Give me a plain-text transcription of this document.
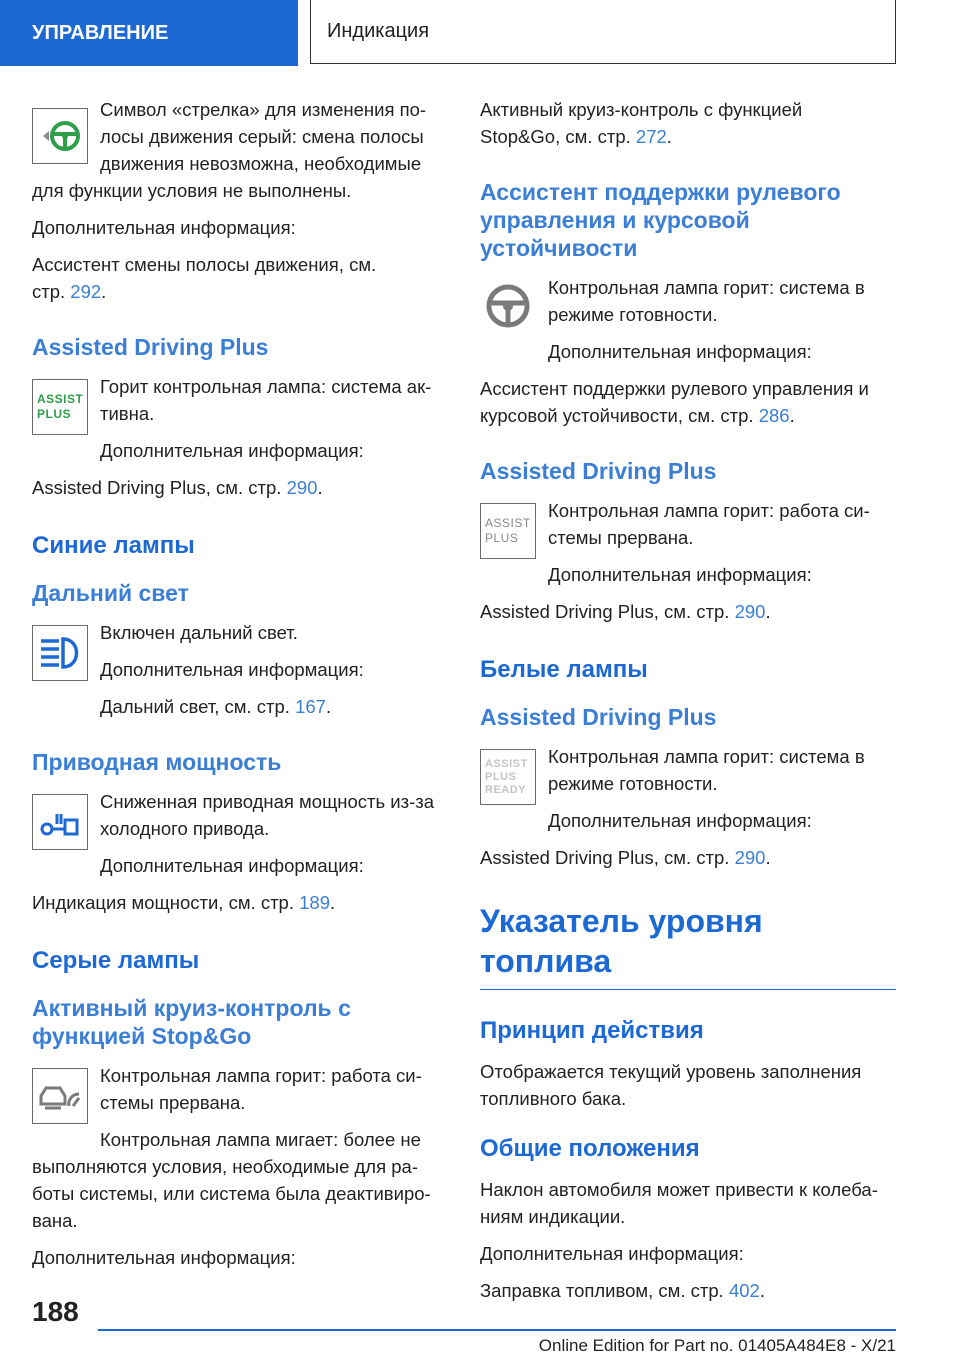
УПРАВЛЕНИЕ	Индикация

Символ «стрелка» для изменения по-
лосы движения серый: смена полосы
движения невозможна, необходимые

для функции условия не выполнены.

Дополнительная информация:

Ассистент смены полосы движения, см.
стр. 292.

Assisted Driving Plus
ASSIST
PLUS

Горит контрольная лампа: система ак-
тивна.

Дополнительная информация:

Assisted Driving Plus, см. стр. 290.

Синие лампы
Дальний свет

Включен дальний свет.

Дополнительная информация:

Дальний свет, см. стр. 167.

Приводная мощность

Сниженная приводная мощность из-за
холодного привода.

Дополнительная информация:

Индикация мощности, см. стр. 189.

Серые лампы
Активный круиз-контроль с
функцией Stop&Go

Контрольная лампа горит: работа си-
стемы прервана.

Контрольная лампа мигает: более не

выполняются условия, необходимые для ра-
боты системы, или система была деактивиро-
вана.

Дополнительная информация:

Активный круиз-контроль с функцией
Stop&Go, см. стр. 272.

Ассистент поддержки рулевого
управления и курсовой
устойчивости

Контрольная лампа горит: система в
режиме готовности.

Дополнительная информация:

Ассистент поддержки рулевого управления и
курсовой устойчивости, см. стр. 286.

Assisted Driving Plus
ASSIST
PLUS

Контрольная лампа горит: работа си-
стемы прервана.

Дополнительная информация:

Assisted Driving Plus, см. стр. 290.

Белые лампы
Assisted Driving Plus
ASSIST
PLUS
READY

Контрольная лампа горит: система в
режиме готовности.

Дополнительная информация:

Assisted Driving Plus, см. стр. 290.

Указатель уровня топлива
Принцип действия

Отображается текущий уровень заполнения
топливного бака.

Общие положения

Наклон автомобиля может привести к колеба-
ниям индикации.

Дополнительная информация:

Заправка топливом, см. стр. 402.

188
Online Edition for Part no. 01405A484E8 - X/21
